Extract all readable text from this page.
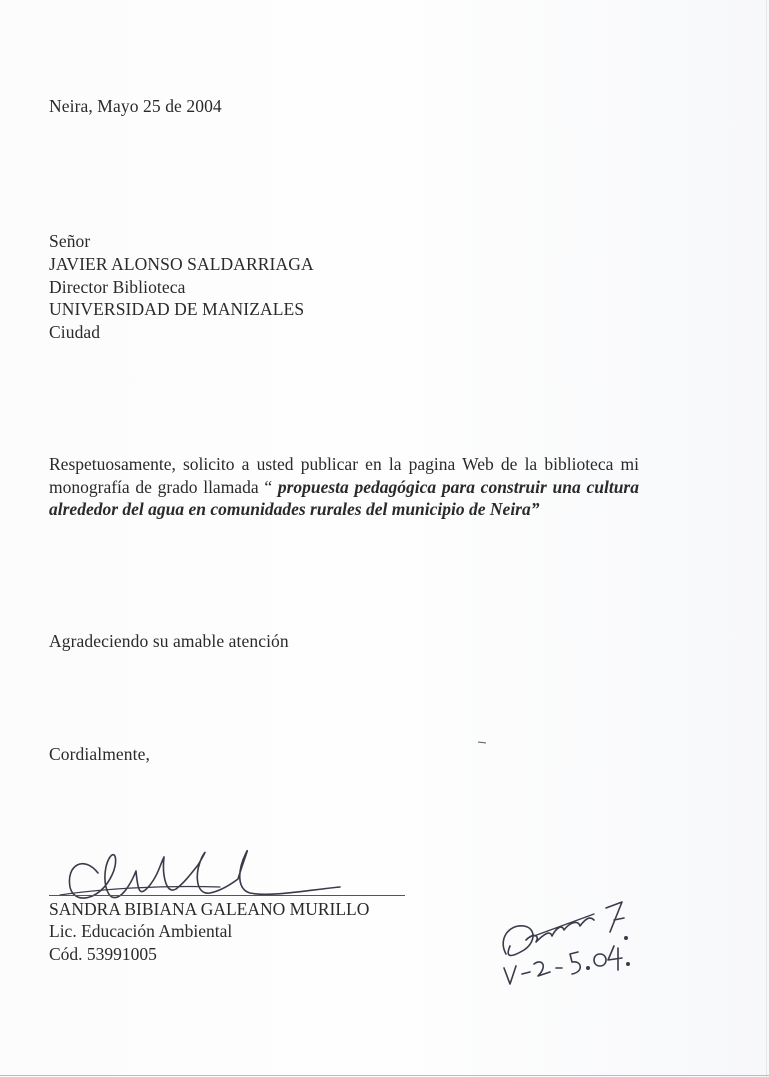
Neira, Mayo 25 de 2004
Señor
JAVIER ALONSO SALDARRIAGA
Director Biblioteca
UNIVERSIDAD DE MANIZALES
Ciudad
Respetuosamente, solicito a usted publicar en la pagina Web de la biblioteca mi monografía de grado llamada “ propuesta pedagógica para construir una cultura alrededor del agua en comunidades rurales del municipio de Neira”
Agradeciendo su amable atención
Cordialmente,
SANDRA BIBIANA GALEANO MURILLO
Lic. Educación Ambiental
Cód. 53991005
